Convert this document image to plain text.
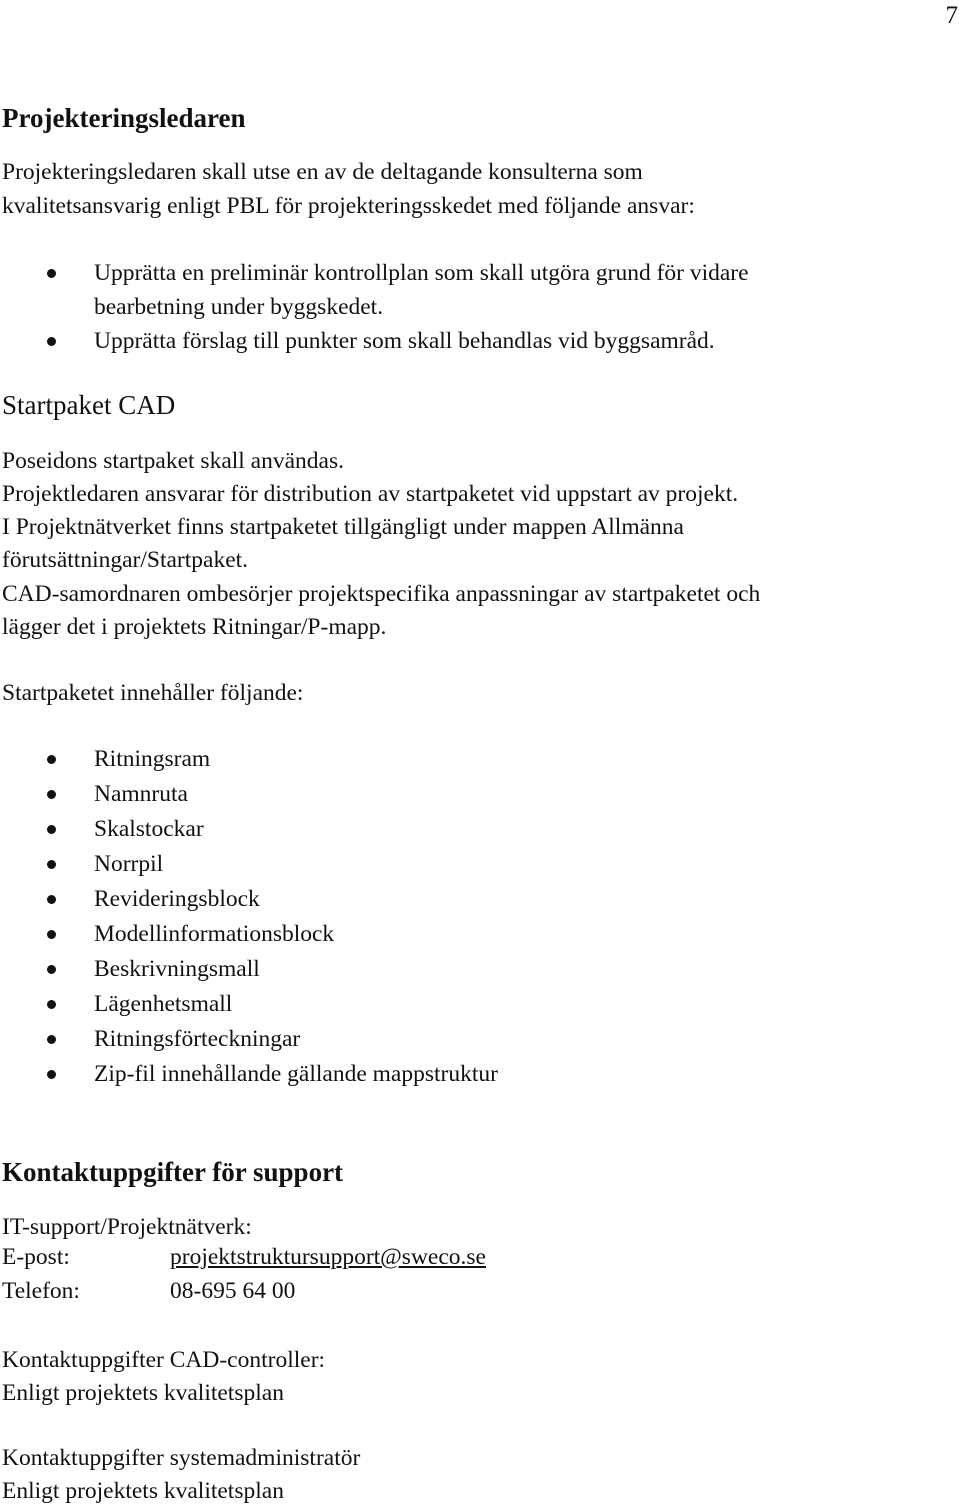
7
Projekteringsledaren

Projekteringsledaren skall utse en av de deltagande konsulterna som

kvalitetsansvarig enligt PBL för projekteringsskedet med följande ansvar:

Upprätta en preliminär kontrollplan som skall utgöra grund för vidare
bearbetning under byggskedet.
Upprätta förslag till punkter som skall behandlas vid byggsamråd.
Startpaket CAD

Poseidons startpaket skall användas.

Projektledaren ansvarar för distribution av startpaketet vid uppstart av projekt.

I Projektnätverket finns startpaketet tillgängligt under mappen Allmänna

förutsättningar/Startpaket.

CAD-samordnaren ombesörjer projektspecifika anpassningar av startpaketet och

lägger det i projektets Ritningar/P-mapp.

Startpaketet innehåller följande:

Ritningsram
Namnruta
Skalstockar
Norrpil
Revideringsblock
Modellinformationsblock
Beskrivningsmall
Lägenhetsmall
Ritningsförteckningar
Zip-fil innehållande gällande mappstruktur
Kontaktuppgifter för support

IT-support/Projektnätverk:

E-post:	projektstruktursupport@sweco.se
Telefon:	08-695 64 00

Kontaktuppgifter CAD-controller:

Enligt projektets kvalitetsplan

Kontaktuppgifter systemadministratör

Enligt projektets kvalitetsplan
